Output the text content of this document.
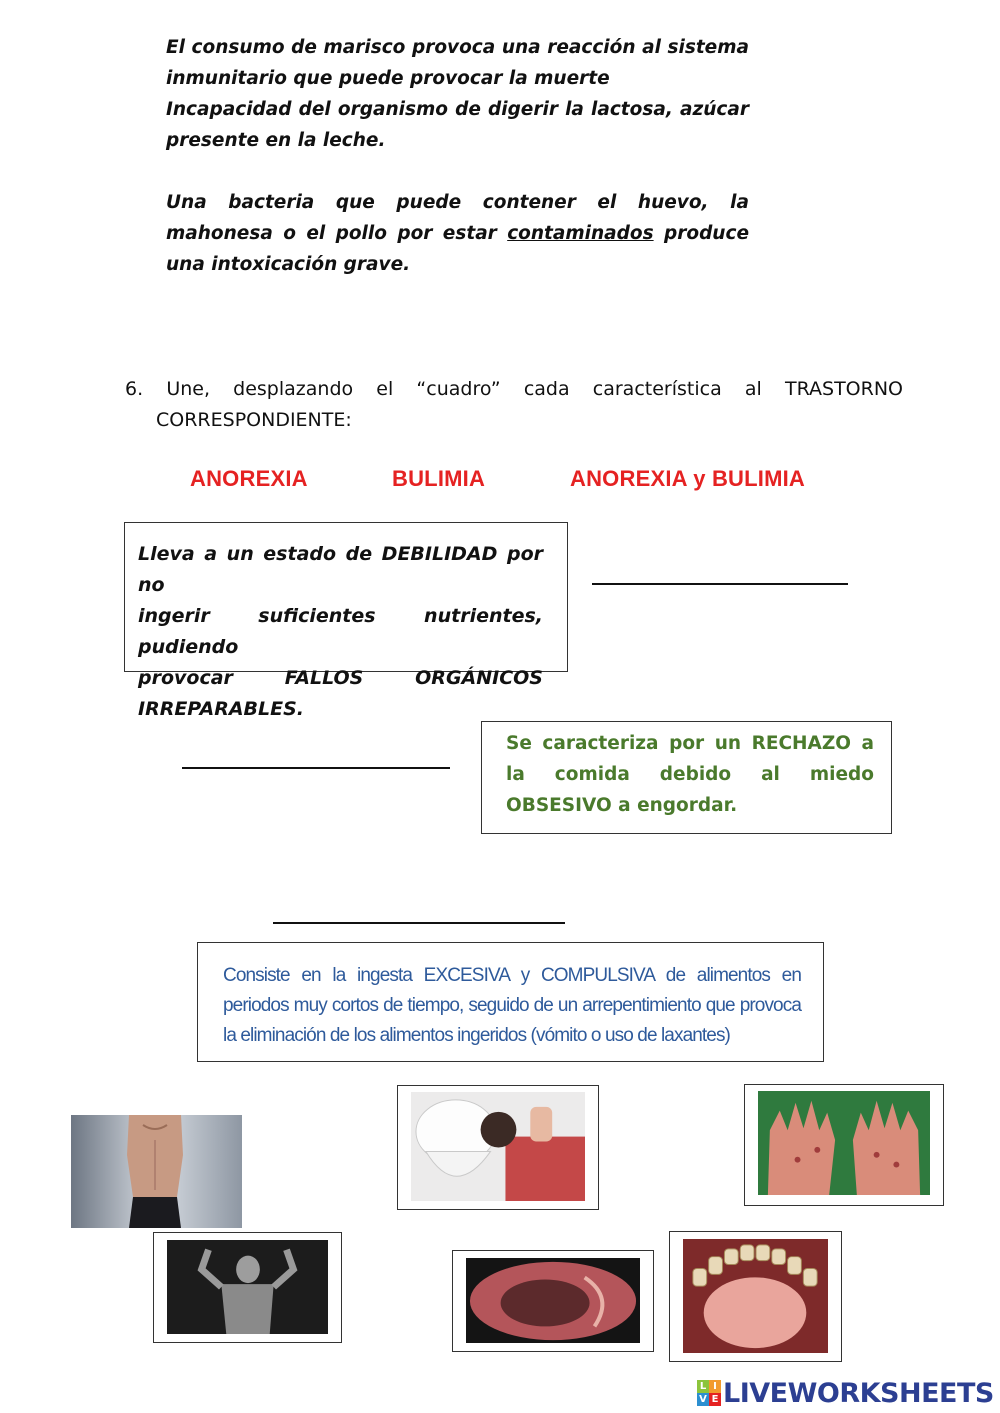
El consumo de marisco provoca una reacción al sistema inmunitario que puede provocar la muerte

Incapacidad del organismo de digerir la lactosa, azúcar presente en la leche.

Una bacteria que puede contener el huevo, la mahonesa o el pollo por estar contaminados produce una intoxicación grave.

6. Une, desplazando el “cuadro” cada característica al TRASTORNO
CORRESPONDIENTE:
ANOREXIA	BULIMIA	ANOREXIA y BULIMIA
Lleva a un estado de DEBILIDAD por no
ingerir suficientes nutrientes, pudiendo
provocar FALLOS ORGÁNICOS
IRREPARABLES.
Se caracteriza por un RECHAZO a la comida debido al miedo OBSESIVO a engordar.
Consiste en la ingesta EXCESIVA y COMPULSIVA de alimentos en periodos muy cortos de tiempo, seguido de un arrepentimiento que provoca la eliminación de los alimentos ingeridos (vómito o uso de laxantes)
L I
V E LIVEWORKSHEETS
